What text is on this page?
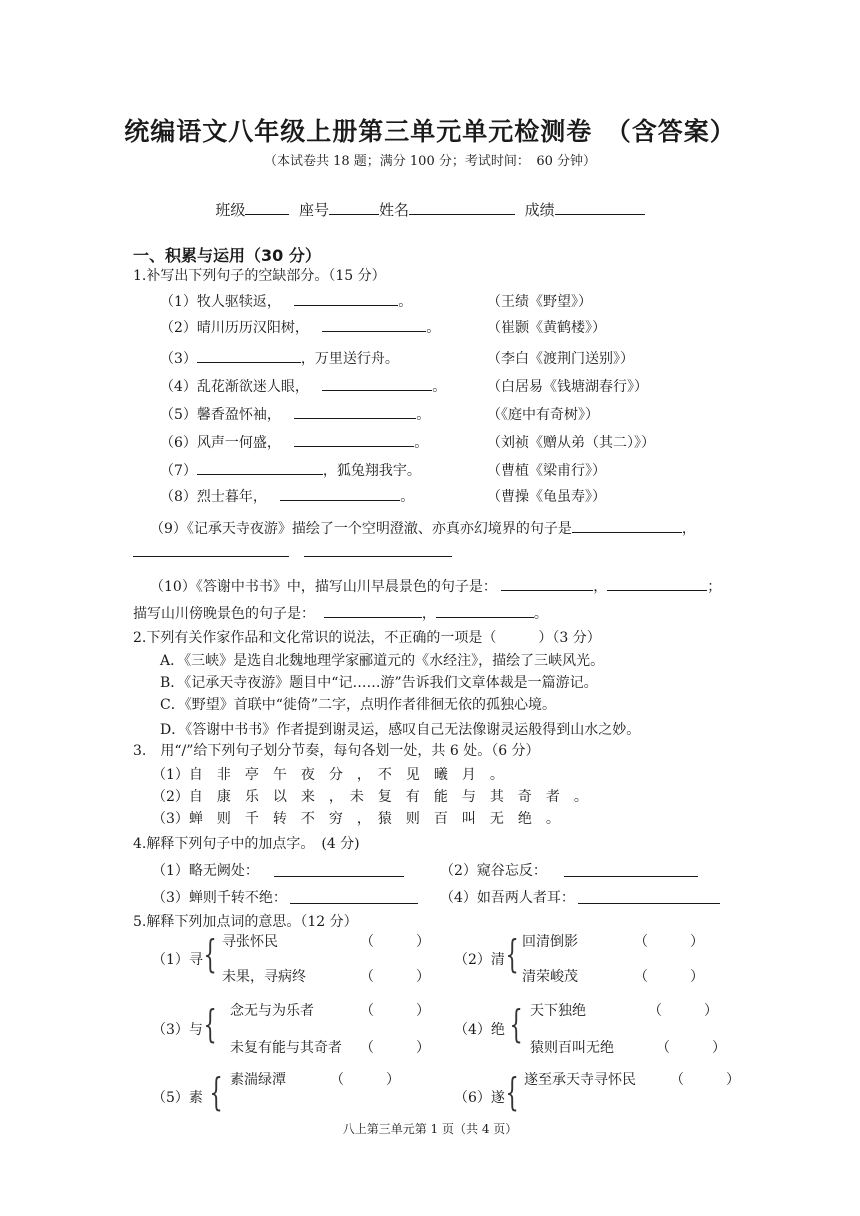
统编语文八年级上册第三单元单元检测卷　（含答案）
（本试卷共 18 题；满分 100 分；考试时间：　60 分钟）
班级	座号	姓名	成绩
一、积累与运用（30 分）
1.补写出下列句子的空缺部分。（15 分）
（1）牧人驱犊返，	。	（王绩《野望》）
（2）晴川历历汉阳树，	。	（崔颢《黄鹤楼》）
（3）	，万里送行舟。	（李白《渡荆门送别》）
（4）乱花渐欲迷人眼，	。	（白居易《钱塘湖春行》）
（5）馨香盈怀袖，	。	（《庭中有奇树》）
（6）风声一何盛，	。	（刘祯《赠从弟（其二）》）
（7）	，狐兔翔我宇。	（曹植《梁甫行》）
（8）烈士暮年，	。	（曹操《龟虽寿》）
（9）《记承天寺夜游》描绘了一个空明澄澈、亦真亦幻境界的句子是	，
（10）《答谢中书书》中，描写山川早晨景色的句子是：	，	；
描写山川傍晚景色的句子是：	，	。
2.下列有关作家作品和文化常识的说法，不正确的一项是（　　　）（3 分）
A．《三峡》是选自北魏地理学家郦道元的《水经注》，描绘了三峡风光。
B．《记承天寺夜游》题目中“记……游”告诉我们文章体裁是一篇游记。
C．《野望》首联中“徙倚”二字，点明作者徘徊无依的孤独心境。
D．《答谢中书书》作者提到谢灵运，感叹自己无法像谢灵运般得到山水之妙。
3.　用“/”给下列句子划分节奏，每句各划一处，共 6 处。（6 分）
（1）自　非　亭　午　夜　分　，　不　见　曦　月　。
（2）自　康　乐　以　来　，　未　复　有　能　与　其　奇　者　。
（3）蝉　则　千　转　不　穷　，　猿　则　百　叫　无　绝　。
4.解释下列句子中的加点字。　(4 分)
（1）略无阙处：	（2）窥谷忘反：
（3）蝉则千转不绝：	（4）如吾两人者耳：
5.解释下列加点词的意思。（12 分）
（1）寻 { 寻张怀民	（　　　）
未果，寻病终	（　　　）
（2）清 { 回清倒影	（　　　）
清荣峻茂	（　　　）
（3）与 { 念无与为乐者	（　　　）
未复有能与其奇者 （　　　）
（4）绝 { 天下独绝	（　　　）
猿则百叫无绝	（　　　）
（5）素 { 素湍绿潭	（　　　）
（6）遂 { 遂至承天寺寻怀民 （　　　）
八上第三单元第 1 页（共 4 页）
